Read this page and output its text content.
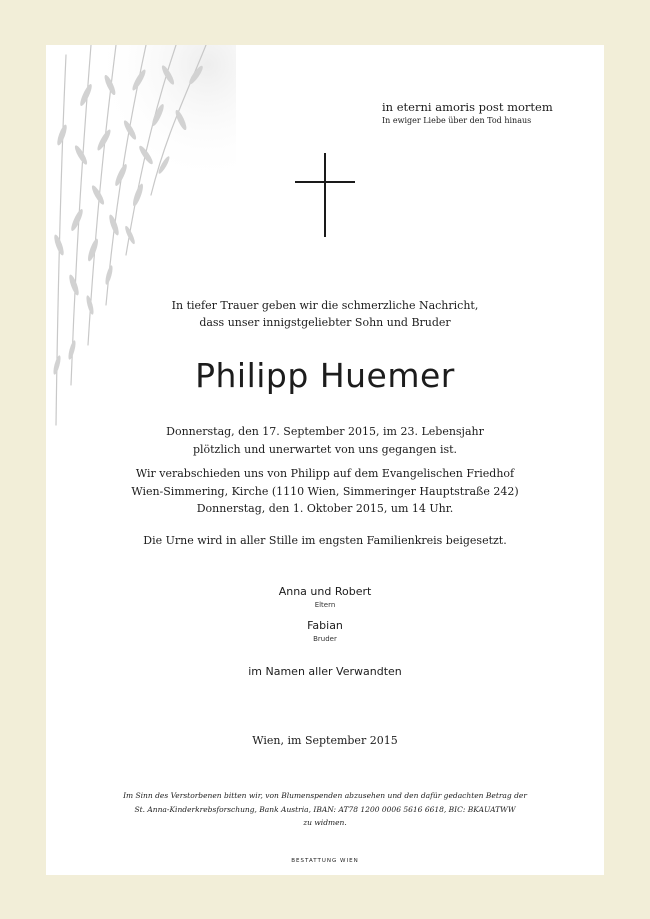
in eterni amoris post mortem
In ewiger Liebe über den Tod hinaus
In tiefer Trauer geben wir die schmerzliche Nachricht,
dass unser innigstgeliebter Sohn und Bruder
Philipp Huemer
Donnerstag, den 17. September 2015, im 23. Lebensjahr
plötzlich und unerwartet von uns gegangen ist.
Wir verabschieden uns von Philipp auf dem Evangelischen Friedhof
Wien-Simmering, Kirche (1110 Wien, Simmeringer Hauptstraße 242)
Donnerstag, den 1. Oktober 2015, um 14 Uhr.
Die Urne wird in aller Stille im engsten Familienkreis beigesetzt.
Anna und Robert
Eltern
Fabian
Bruder
im Namen aller Verwandten
Wien, im September 2015
Im Sinn des Verstorbenen bitten wir, von Blumenspenden abzusehen und den dafür gedachten Betrag der
St. Anna-Kinderkrebsforschung, Bank Austria, IBAN: AT78 1200 0006 5616 6618, BIC: BKAUATWW
zu widmen.
BESTATTUNG WIEN
